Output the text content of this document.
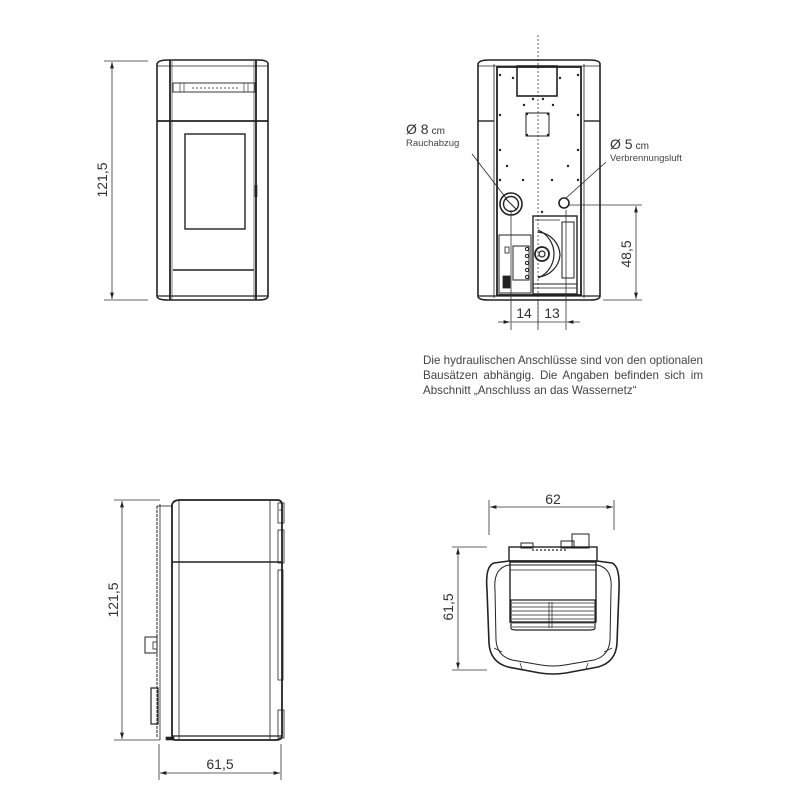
121,5
48,5
14 13
Ø 8 cm
Rauchabzug	Ø 5 cm
Verbrennungsluft
121,5
61,5
62
61,5
Die hydraulischen Anschlüsse sind von den optionalen Bausätzen abhängig. Die Angaben befinden sich im Abschnitt „Anschluss an das Wassernetz“
